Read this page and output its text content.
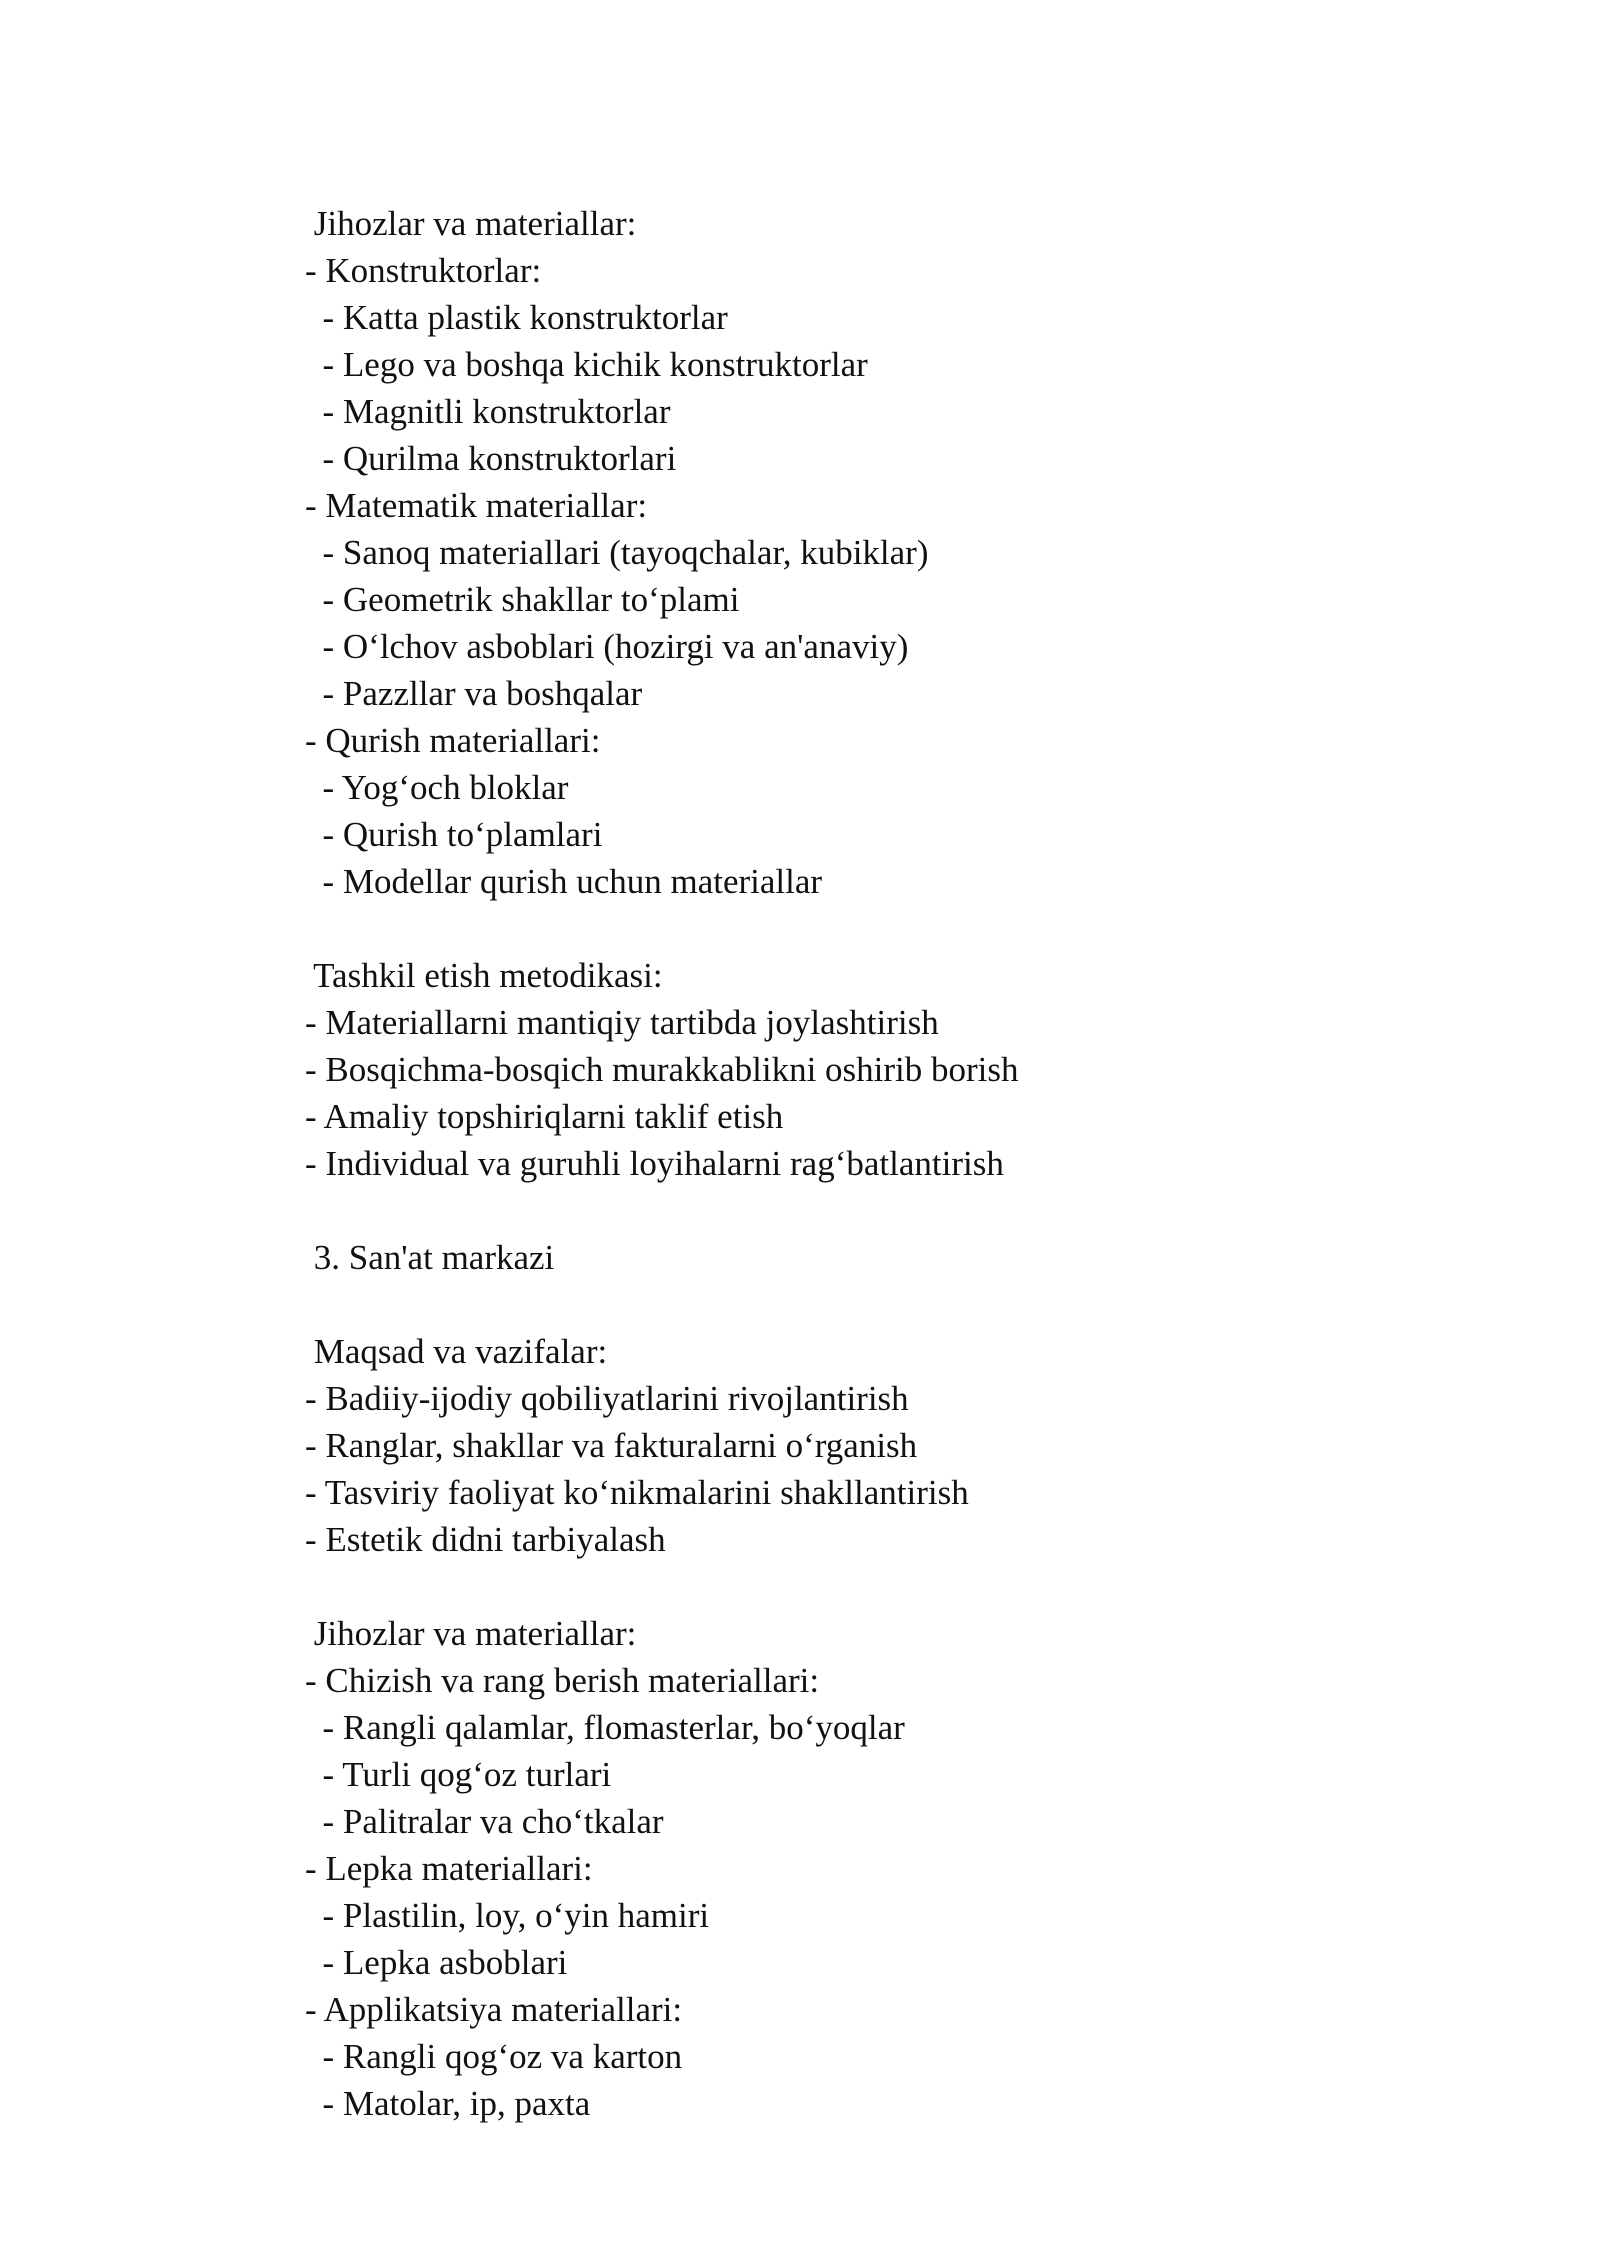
Jihozlar va materiallar:

- Konstruktorlar:

- Katta plastik konstruktorlar

- Lego va boshqa kichik konstruktorlar

- Magnitli konstruktorlar

- Qurilma konstruktorlari

- Matematik materiallar:

- Sanoq materiallari (tayoqchalar, kubiklar)

- Geometrik shakllar to‘plami

- O‘lchov asboblari (hozirgi va an'anaviy)

- Pazzllar va boshqalar

- Qurish materiallari:

- Yog‘och bloklar

- Qurish to‘plamlari

- Modellar qurish uchun materiallar

Tashkil etish metodikasi:

- Materiallarni mantiqiy tartibda joylashtirish

- Bosqichma-bosqich murakkablikni oshirib borish

- Amaliy topshiriqlarni taklif etish

- Individual va guruhli loyihalarni rag‘batlantirish

3. San'at markazi

Maqsad va vazifalar:

- Badiiy-ijodiy qobiliyatlarini rivojlantirish

- Ranglar, shakllar va fakturalarni o‘rganish

- Tasviriy faoliyat ko‘nikmalarini shakllantirish

- Estetik didni tarbiyalash

Jihozlar va materiallar:

- Chizish va rang berish materiallari:

- Rangli qalamlar, flomasterlar, bo‘yoqlar

- Turli qog‘oz turlari

- Palitralar va cho‘tkalar

- Lepka materiallari:

- Plastilin, loy, o‘yin hamiri

- Lepka asboblari

- Applikatsiya materiallari:

- Rangli qog‘oz va karton

- Matolar, ip, paxta
